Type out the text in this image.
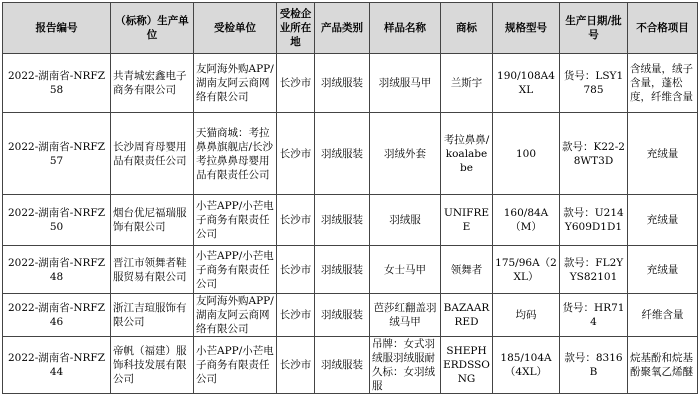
报告编号	（标称）生产单位	受检单位	受检企业所在地	产品类别	样品名称	商标	规格型号	生产日期/批号	不合格项目
2022-湖南省-NRFZ58	共青城宏鑫电子商务有限公司	友阿海外购APP/湖南友阿云商网络有限公司	长沙市	羽绒服装	羽绒服马甲	兰斯宇	190/108A4XL	货号：LSY1785	含绒量，绒子含量，蓬松度，纤维含量
2022-湖南省-NRFZ57	长沙周育母婴用品有限责任公司	天猫商城：考拉鼻鼻旗舰店/长沙考拉鼻鼻母婴用品有限责任公司	长沙市	羽绒服装	羽绒外套	考拉鼻鼻/koalabebe	100	款号：K22-28WT3D	充绒量
2022-湖南省-NRFZ50	烟台优尼福瑞服饰有限公司	小芒APP/小芒电子商务有限责任公司	长沙市	羽绒服装	羽绒服	UNIFREE	160/84A（M）	款号：U214Y609D1D1	充绒量
2022-湖南省-NRFZ48	晋江市领舞者鞋服贸易有限公司	小芒APP/小芒电子商务有限责任公司	长沙市	羽绒服装	女士马甲	领舞者	175/96A（2XL）	款号：FL2YYS82101	充绒量
2022-湖南省-NRFZ46	浙江吉瑄服饰有限公司	友阿海外购APP/湖南友阿云商网络有限公司	长沙市	羽绒服装	芭莎红翻盖羽绒马甲	BAZAAR RED	均码	货号：HR714	纤维含量
2022-湖南省-NRFZ44	帝帆（福建）服饰科技发展有限公司	小芒APP/小芒电子商务有限责任公司	长沙市	羽绒服装	吊牌：女式羽绒服羽绒服耐久标：女羽绒服	SHEPHERDSSONG	185/104A（4XL）	款号：8316B	烷基酚和烷基酚聚氧乙烯醚
